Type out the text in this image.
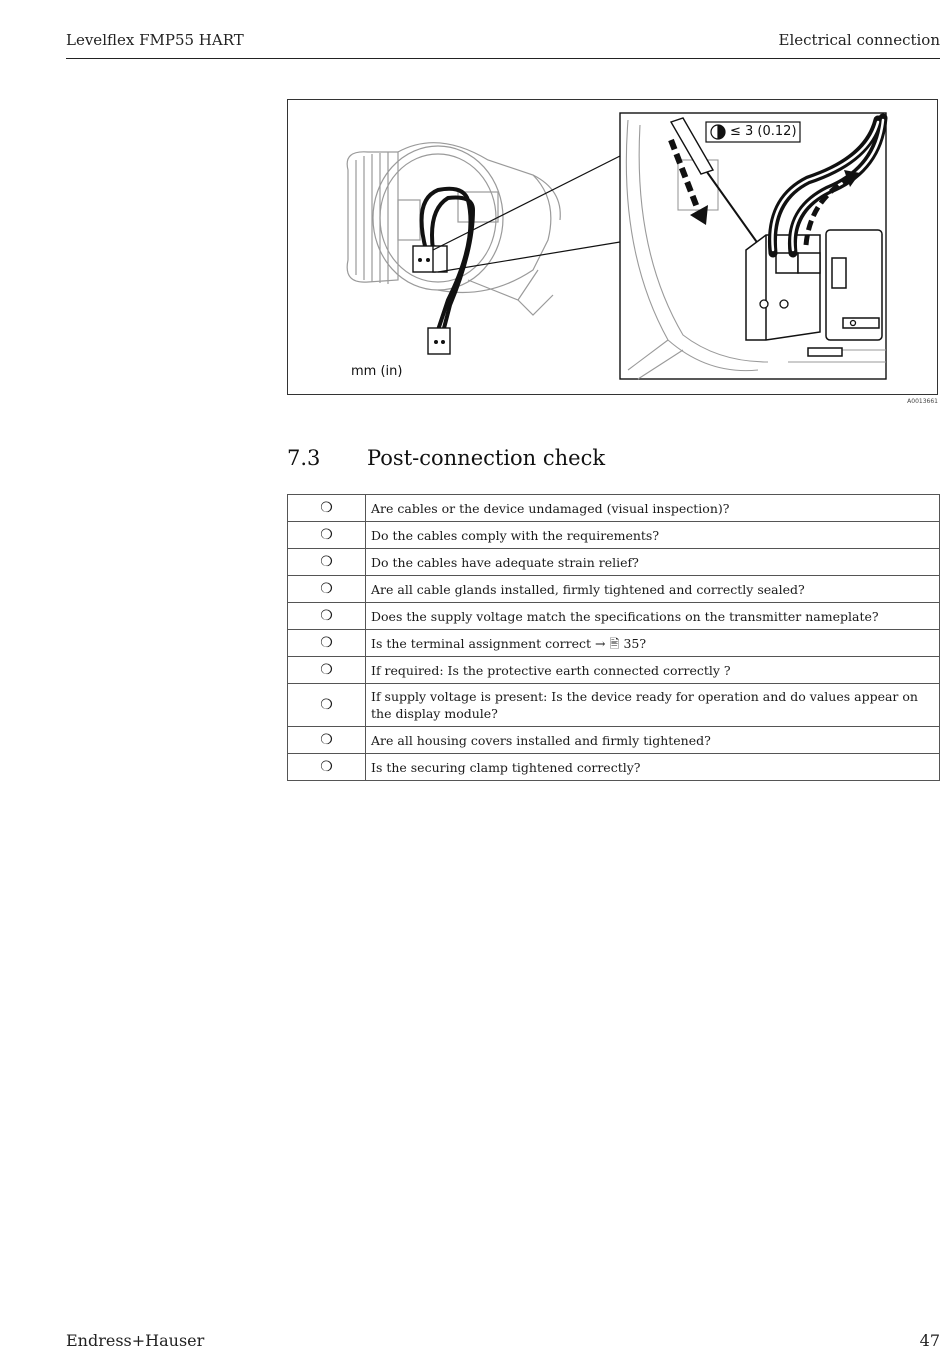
Levelflex FMP55 HART	Electrical connection
mm (in)
≤ 3 (0.12)
A0013661
7.3 Post-connection check
❍	Are cables or the device undamaged (visual inspection)?
❍	Do the cables comply with the requirements?
❍	Do the cables have adequate strain relief?
❍	Are all cable glands installed, firmly tightened and correctly sealed?
❍	Does the supply voltage match the specifications on the transmitter nameplate?
❍	Is the terminal assignment correct → 🖹 35?
❍	If required: Is the protective earth connected correctly ?
❍	If supply voltage is present: Is the device ready for operation and do values appear on the display module?
❍	Are all housing covers installed and firmly tightened?
❍	Is the securing clamp tightened correctly?
Endress+Hauser	47
